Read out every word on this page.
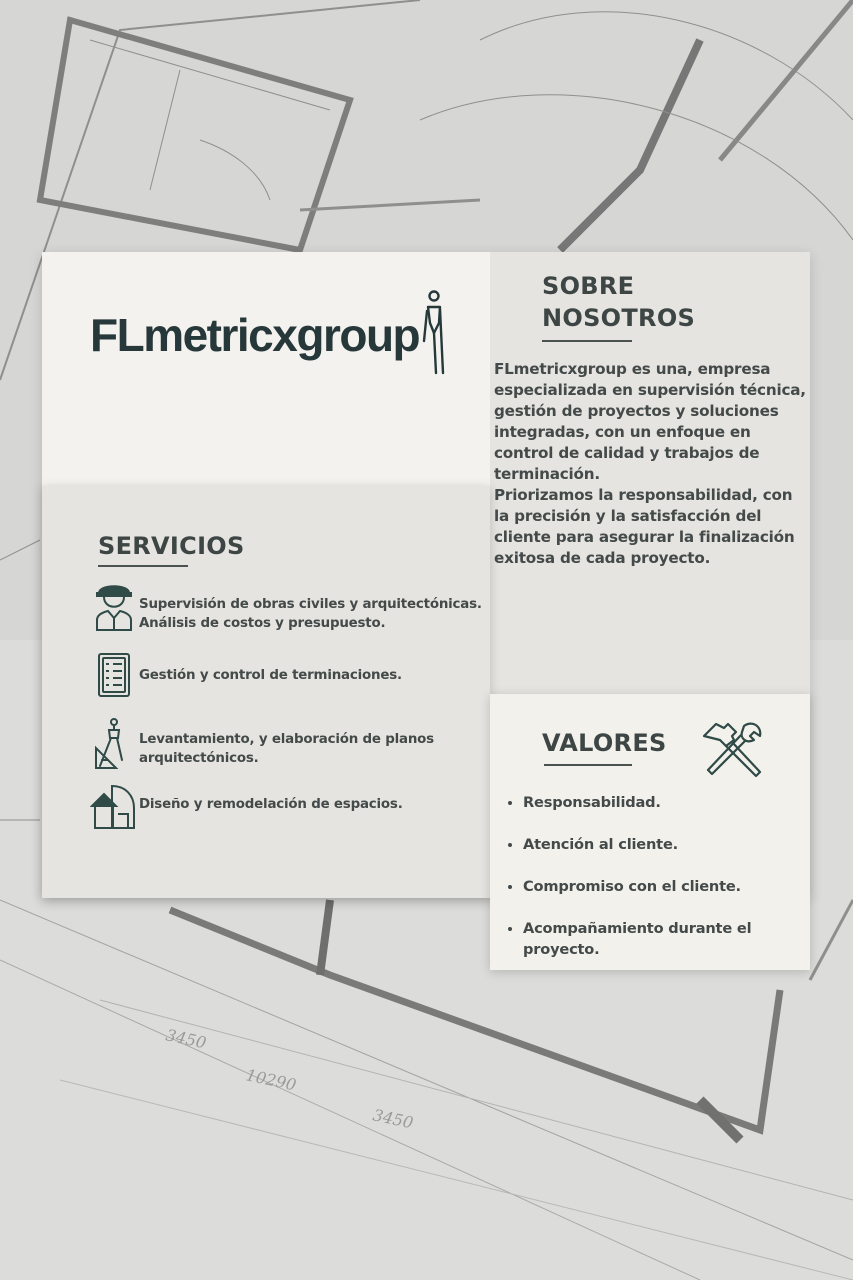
3450
10290
3450
FLmetricxgroup
SOBRE
NOSOTROS
FLmetricxgroup es una, empresa especializada en supervisión técnica, gestión de proyectos y soluciones integradas, con un enfoque en control de calidad y trabajos de terminación.
Priorizamos la responsabilidad, con la precisión y la satisfacción del cliente para asegurar la finalización exitosa de cada proyecto.
SERVICIOS
Supervisión de obras civiles y arquitectónicas.
Análisis de costos y presupuesto.
Gestión y control de terminaciones.
Levantamiento, y elaboración de planos
arquitectónicos.
Diseño y remodelación de espacios.
VALORES
Responsabilidad.
Atención al cliente.
Compromiso con el cliente.
Acompañamiento durante el proyecto.
